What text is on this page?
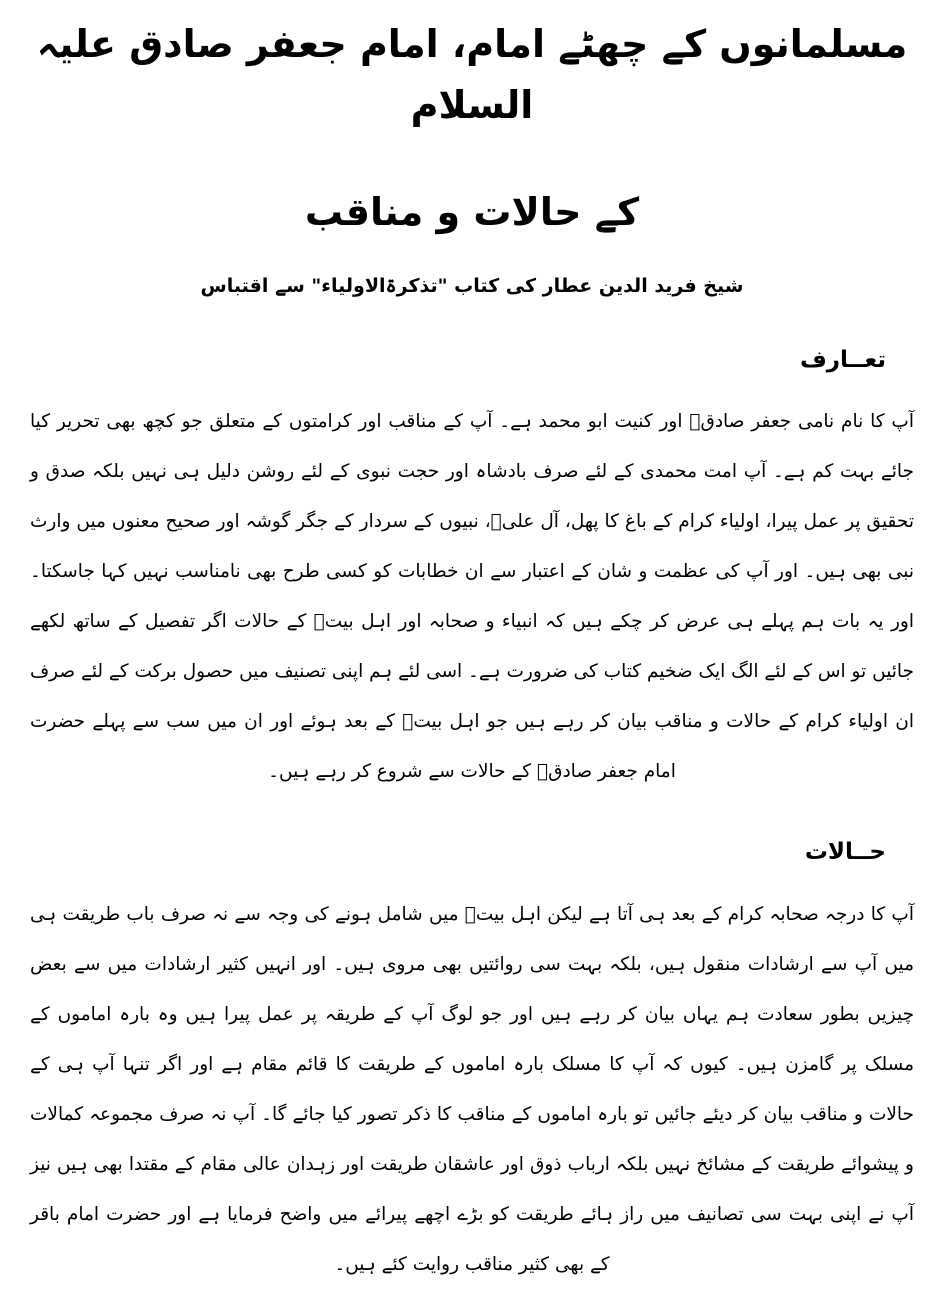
مسلمانوں کے چھٹے امام، امام جعفر صادق علیہ السلام
کے حالات و مناقب
شیخ فرید الدین عطار کی کتاب "تذکرۃالاولیاء" سے اقتباس
تعــارف

آپ کا نام نامی جعفر صادقؑ اور کنیت ابو محمد ہے۔ آپ کے مناقب اور کرامتوں کے متعلق جو کچھ بھی تحریر کیا جائے بہت کم ہے۔ آپ امت محمدی کے لئے صرف بادشاہ اور حجت نبوی کے لئے روشن دلیل ہی نہیں بلکہ صدق و تحقیق پر عمل پیرا، اولیاء کرام کے باغ کا پھل، آل علیؑ، نبیوں کے سردار کے جگر گوشہ اور صحیح معنوں میں وارث نبی بھی ہیں۔ اور آپ کی عظمت و شان کے اعتبار سے ان خطابات کو کسی طرح بھی نامناسب نہیں کہا جاسکتا۔ اور یہ بات ہم پہلے ہی عرض کر چکے ہیں کہ انبیاء و صحابہ اور اہل بیتؑ کے حالات اگر تفصیل کے ساتھ لکھے جائیں تو اس کے لئے الگ ایک ضخیم کتاب کی ضرورت ہے۔ اسی لئے ہم اپنی تصنیف میں حصول برکت کے لئے صرف ان اولیاء کرام کے حالات و مناقب بیان کر رہے ہیں جو اہل بیتؑ کے بعد ہوئے اور ان میں سب سے پہلے حضرت امام جعفر صادقؑ کے حالات سے شروع کر رہے ہیں۔

حــالات

آپ کا درجہ صحابہ کرام کے بعد ہی آتا ہے لیکن اہل بیتؑ میں شامل ہونے کی وجہ سے نہ صرف باب طریقت ہی میں آپ سے ارشادات منقول ہیں، بلکہ بہت سی روائتیں بھی مروی ہیں۔ اور انہیں کثیر ارشادات میں سے بعض چیزیں بطور سعادت ہم یہاں بیان کر رہے ہیں اور جو لوگ آپ کے طریقہ پر عمل پیرا ہیں وہ بارہ اماموں کے مسلک پر گامزن ہیں۔ کیوں کہ آپ کا مسلک بارہ اماموں کے طریقت کا قائم مقام ہے اور اگر تنہا آپ ہی کے حالات و مناقب بیان کر دیئے جائیں تو بارہ اماموں کے مناقب کا ذکر تصور کیا جائے گا۔ آپ نہ صرف مجموعہ کمالات و پیشوائے طریقت کے مشائخ نہیں بلکہ ارباب ذوق اور عاشقان طریقت اور زہدان عالی مقام کے مقتدا بھی ہیں نیز آپ نے اپنی بہت سی تصانیف میں راز ہائے طریقت کو بڑے اچھے پیرائے میں واضح فرمایا ہے اور حضرت امام باقر کے بھی کثیر مناقب روایت کئے ہیں۔
